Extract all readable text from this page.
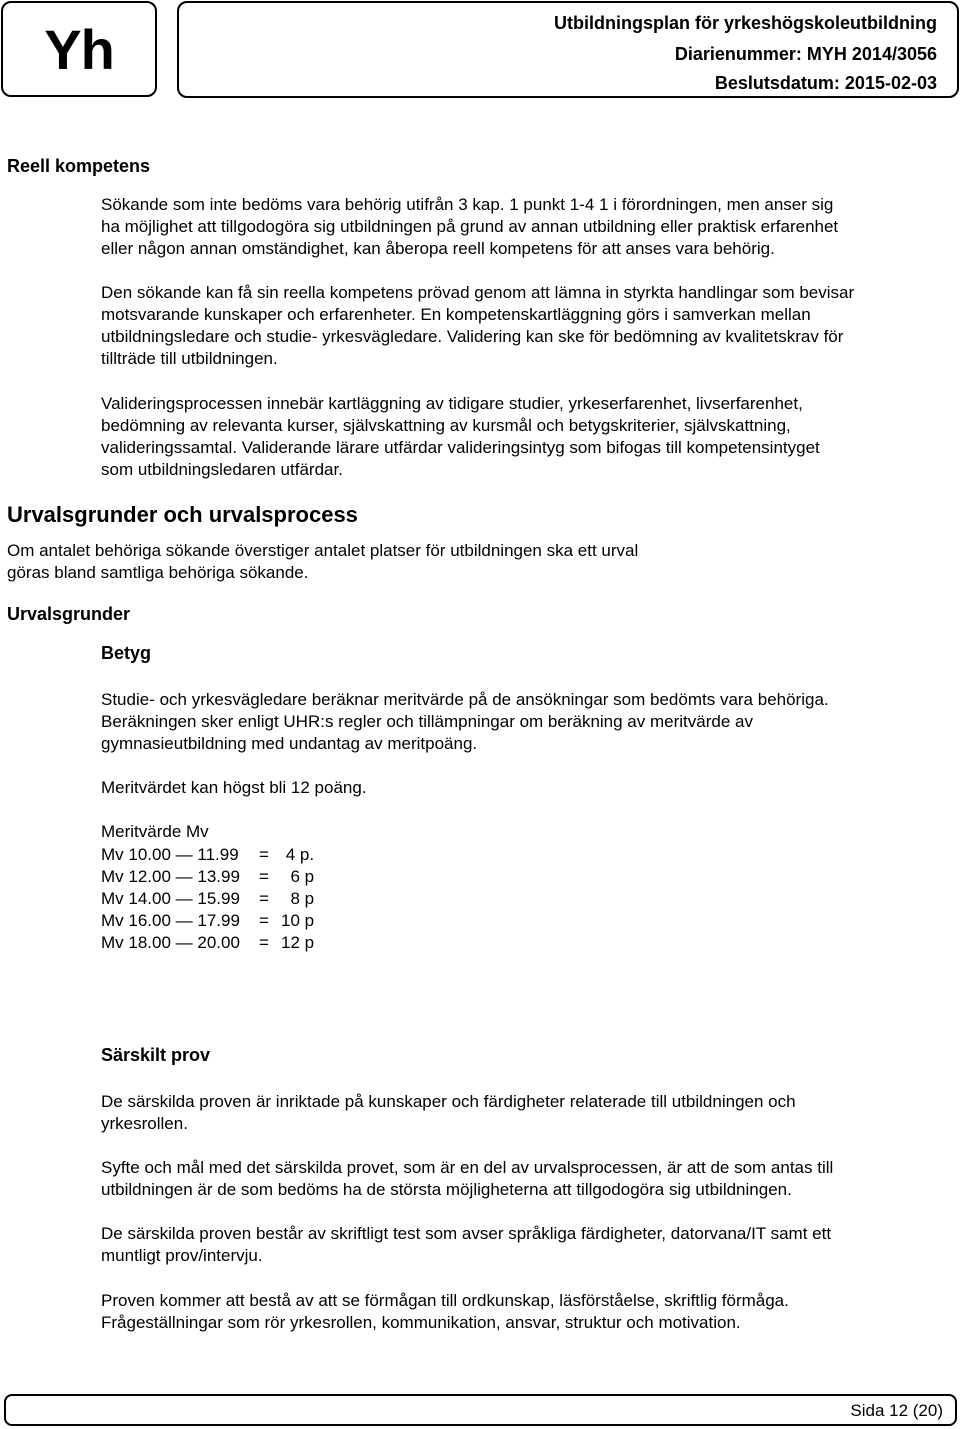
Yh	Utbildningsplan för yrkeshögskoleutbildning
Diarienummer: MYH 2014/3056
Beslutsdatum: 2015-02-03
Reell kompetens

Sökande som inte bedöms vara behörig utifrån 3 kap. 1 punkt 1-4 1 i förordningen, men anser sig
ha möjlighet att tillgodogöra sig utbildningen på grund av annan utbildning eller praktisk erfarenhet
eller någon annan omständighet, kan åberopa reell kompetens för att anses vara behörig.

Den sökande kan få sin reella kompetens prövad genom att lämna in styrkta handlingar som bevisar
motsvarande kunskaper och erfarenheter. En kompetenskartläggning görs i samverkan mellan
utbildningsledare och studie- yrkesvägledare. Validering kan ske för bedömning av kvalitetskrav för
tillträde till utbildningen.

Valideringsprocessen innebär kartläggning av tidigare studier, yrkeserfarenhet, livserfarenhet,
bedömning av relevanta kurser, självskattning av kursmål och betygskriterier, självskattning,
valideringssamtal. Validerande lärare utfärdar valideringsintyg som bifogas till kompetensintyget
som utbildningsledaren utfärdar.

Urvalsgrunder och urvalsprocess

Om antalet behöriga sökande överstiger antalet platser för utbildningen ska ett urval
göras bland samtliga behöriga sökande.

Urvalsgrunder
Betyg

Studie- och yrkesvägledare beräknar meritvärde på de ansökningar som bedömts vara behöriga.
Beräkningen sker enligt UHR:s regler och tillämpningar om beräkning av meritvärde av
gymnasieutbildning med undantag av meritpoäng.

Meritvärdet kan högst bli 12 poäng.

Meritvärde Mv

Mv 10.00 — 11.99	=	4 p.
Mv 12.00 — 13.99	=	6 p
Mv 14.00 — 15.99	=	8 p
Mv 16.00 — 17.99	=	10 p
Mv 18.00 — 20.00	=	12 p
Särskilt prov

De särskilda proven är inriktade på kunskaper och färdigheter relaterade till utbildningen och
yrkesrollen.

Syfte och mål med det särskilda provet, som är en del av urvalsprocessen, är att de som antas till
utbildningen är de som bedöms ha de största möjligheterna att tillgodogöra sig utbildningen.

De särskilda proven består av skriftligt test som avser språkliga färdigheter, datorvana/IT samt ett
muntligt prov/intervju.

Proven kommer att bestå av att se förmågan till ordkunskap, läsförståelse, skriftlig förmåga.
Frågeställningar som rör yrkesrollen, kommunikation, ansvar, struktur och motivation.

Sida 12 (20)
